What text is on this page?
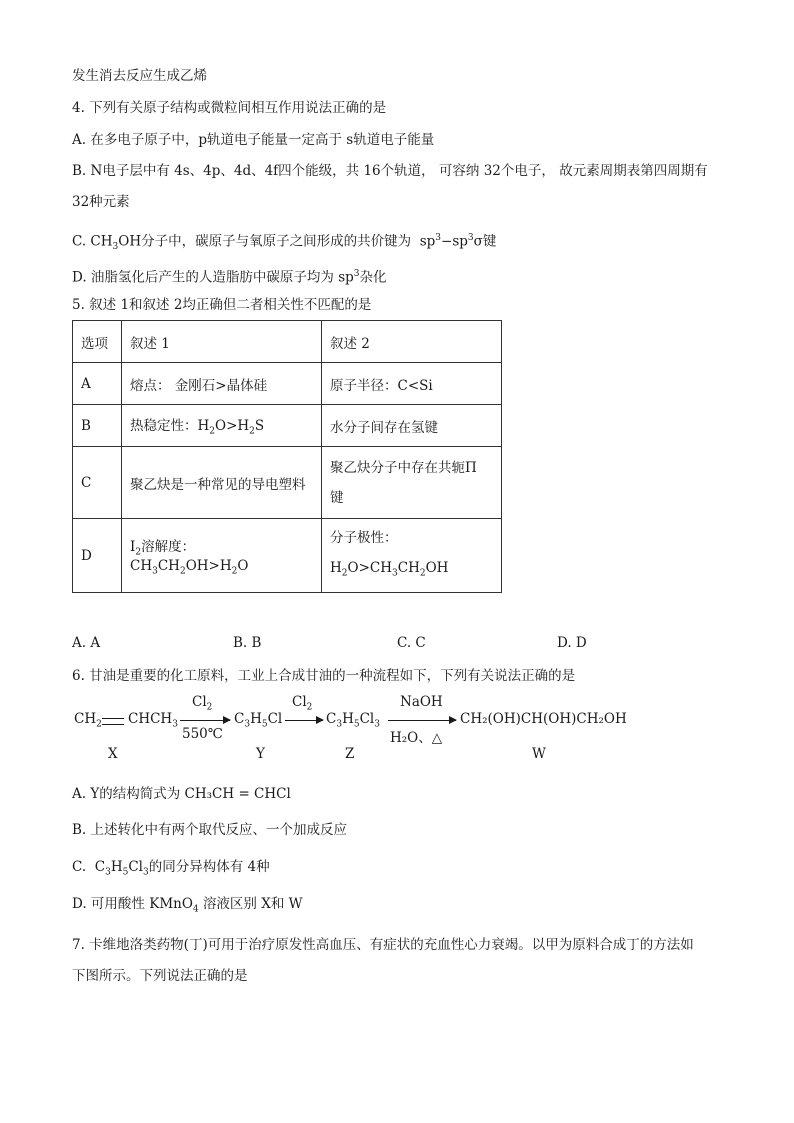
发生消去反应生成乙烯
4. 下列有关原子结构或微粒间相互作用说法正确的是
A. 在多电子原子中，p轨道电子能量一定高于 s轨道电子能量
B. N电子层中有 4s、4p、4d、4f四个能级，共 16个轨道， 可容纳 32个电子， 故元素周期表第四周期有
32种元素
C. $CH_3OH$分子中，碳原子与氧原子之间形成的共价键为 $sp^3-sp^3\sigma$键
D. 油脂氢化后产生的人造脂肪中碳原子均为 $sp^3$杂化
5. 叙述 1和叙述 2均正确但二者相关性不匹配的是
选项	叙述 1	叙述 2
A	熔点： 金刚石>晶体硅	原子半径：C<Si
B	热稳定性：$H_2O>H_2S$	水分子间存在氢键
C	聚乙炔是一种常见的导电塑料	聚乙炔分子中存在共轭Π
键
D	$I_2$溶解度：$CH_3CH_2OH>H_2O$	分子极性：
$H_2O>CH_3CH_2OH$
A. A	B. B	C. C	D. D
6. 甘油是重要的化工原料，工业上合成甘油的一种流程如下，下列有关说法正确的是
$CH_2$ $CHCH_3$
$Cl_2$
550℃
$C_3H_5Cl$
$Cl_2$
$C_3H_5Cl_3$
NaOH
H₂O、△
CH₂(OH)CH(OH)CH₂OH
X	Y	Z	W
A. Y的结构简式为 CH₃CH = CHCl
B. 上述转化中有两个取代反应、一个加成反应
C. $C_3H_5Cl_3$的同分异构体有 4种
D. 可用酸性 KMnO$_4$ 溶液区别 X和 W
7. 卡维地洛类药物(丁)可用于治疗原发性高血压、有症状的充血性心力衰竭。以甲为原料合成丁的方法如
下图所示。下列说法正确的是
